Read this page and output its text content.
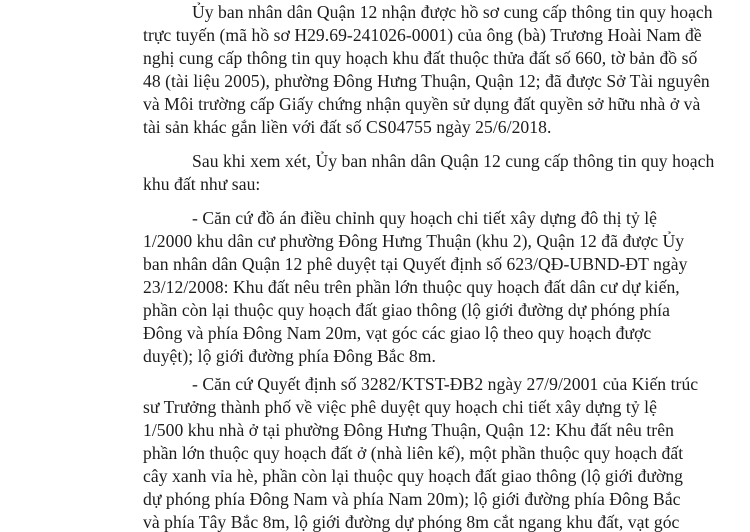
Ủy ban nhân dân Quận 12 nhận được hồ sơ cung cấp thông tin quy hoạch
trực tuyến (mã hồ sơ H29.69-241026-0001) của ông (bà) Trương Hoài Nam đề
nghị cung cấp thông tin quy hoạch khu đất thuộc thửa đất số 660, tờ bản đồ số
48 (tài liệu 2005), phường Đông Hưng Thuận, Quận 12; đã được Sở Tài nguyên
và Môi trường cấp Giấy chứng nhận quyền sử dụng đất quyền sở hữu nhà ở và
tài sản khác gắn liền với đất số CS04755 ngày 25/6/2018.
Sau khi xem xét, Ủy ban nhân dân Quận 12 cung cấp thông tin quy hoạch
khu đất như sau:
- Căn cứ đồ án điều chỉnh quy hoạch chi tiết xây dựng đô thị tỷ lệ
1/2000 khu dân cư phường Đông Hưng Thuận (khu 2), Quận 12 đã được Ủy
ban nhân dân Quận 12 phê duyệt tại Quyết định số 623/QĐ-UBND-ĐT ngày
23/12/2008: Khu đất nêu trên phần lớn thuộc quy hoạch đất dân cư dự kiến,
phần còn lại thuộc quy hoạch đất giao thông (lộ giới đường dự phóng phía
Đông và phía Đông Nam 20m, vạt góc các giao lộ theo quy hoạch được
duyệt); lộ giới đường phía Đông Bắc 8m.
- Căn cứ Quyết định số 3282/KTST-ĐB2 ngày 27/9/2001 của Kiến trúc
sư Trưởng thành phố về việc phê duyệt quy hoạch chi tiết xây dựng tỷ lệ
1/500 khu nhà ở tại phường Đông Hưng Thuận, Quận 12: Khu đất nêu trên
phần lớn thuộc quy hoạch đất ở (nhà liên kế), một phần thuộc quy hoạch đất
cây xanh vỉa hè, phần còn lại thuộc quy hoạch đất giao thông (lộ giới đường
dự phóng phía Đông Nam và phía Nam 20m); lộ giới đường phía Đông Bắc
và phía Tây Bắc 8m, lộ giới đường dự phóng 8m cắt ngang khu đất, vạt góc
